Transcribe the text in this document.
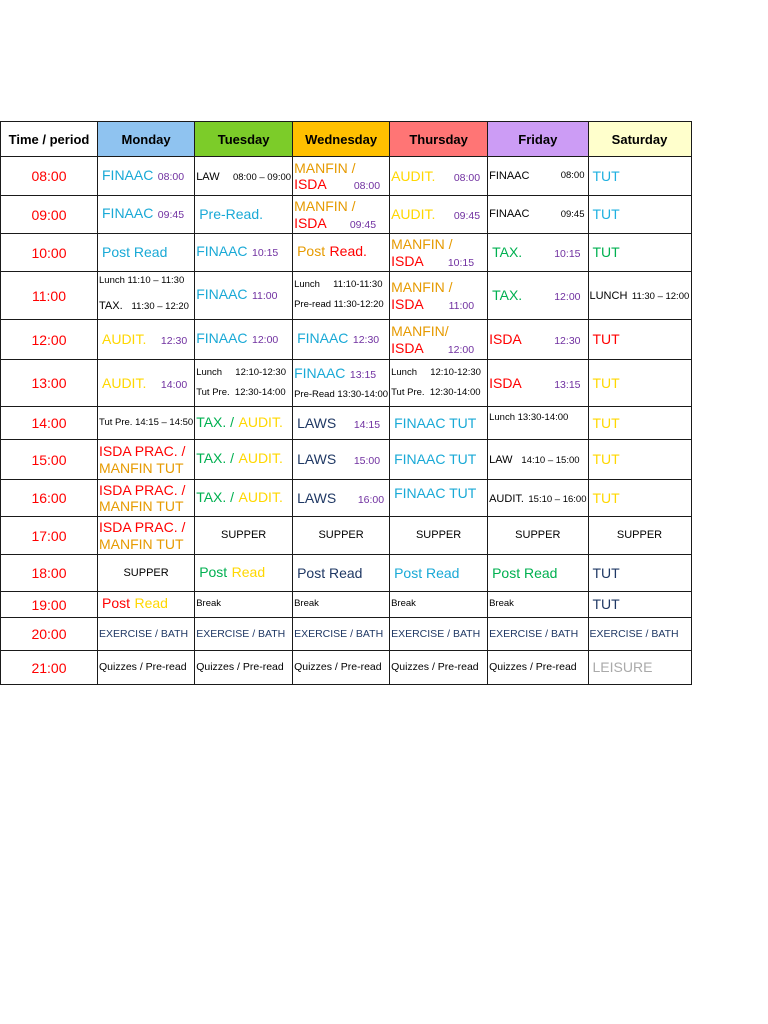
Time / period	Monday	Tuesday	Wednesday	Thursday	Friday	Saturday
08:00	FINAAC 08:00	LAW 08:00 – 09:00	MANFIN /
ISDA 08:00	AUDIT. 08:00	FINAAC 08:00	TUT

09:00	FINAAC 09:45	Pre-Read.	MANFIN /
ISDA 09:45	AUDIT. 09:45	FINAAC 09:45	TUT

10:00	Post Read	FINAAC 10:15	Post Read.	MANFIN /
ISDA 10:15	TAX. 10:15	TUT

11:00	Lunch 11:10 – 11:30
TAX. 11:30 – 12:20	FINAAC 11:00	Lunch 11:10-11:30
Pre-read 11:30-12:20	MANFIN /
ISDA 11:00	TAX. 12:00	LUNCH 11:30 – 12:00

12:00	AUDIT. 12:30	FINAAC 12:00	FINAAC 12:30	MANFIN/
ISDA 12:00	ISDA 12:30	TUT

13:00	AUDIT. 14:00	Lunch 12:10-12:30
Tut Pre. 12:30-14:00	FINAAC 13:15
Pre-Read 13:30-14:00	Lunch 12:10-12:30
Tut Pre. 12:30-14:00	ISDA 13:15	TUT

14:00	Tut Pre. 14:15 – 14:50	TAX. / AUDIT.	LAWS 14:15	FINAAC TUT	Lunch 13:30-14:00	TUT

15:00	ISDA PRAC. /
MANFIN TUT	TAX. / AUDIT.	LAWS 15:00	FINAAC TUT	LAW 14:10 – 15:00	TUT

16:00	ISDA PRAC. /
MANFIN TUT	TAX. / AUDIT.	LAWS 16:00	FINAAC TUT	AUDIT. 15:10 – 16:00	TUT

17:00	ISDA PRAC. /
MANFIN TUT	SUPPER	SUPPER	SUPPER	SUPPER	SUPPER

18:00	SUPPER	Post Read	Post Read	Post Read	Post Read	TUT

19:00	Post Read	Break	Break	Break	Break	TUT

20:00	EXERCISE / BATH	EXERCISE / BATH	EXERCISE / BATH	EXERCISE / BATH	EXERCISE / BATH	EXERCISE / BATH

21:00	Quizzes / Pre-read	Quizzes / Pre-read	Quizzes / Pre-read	Quizzes / Pre-read	Quizzes / Pre-read	LEISURE
